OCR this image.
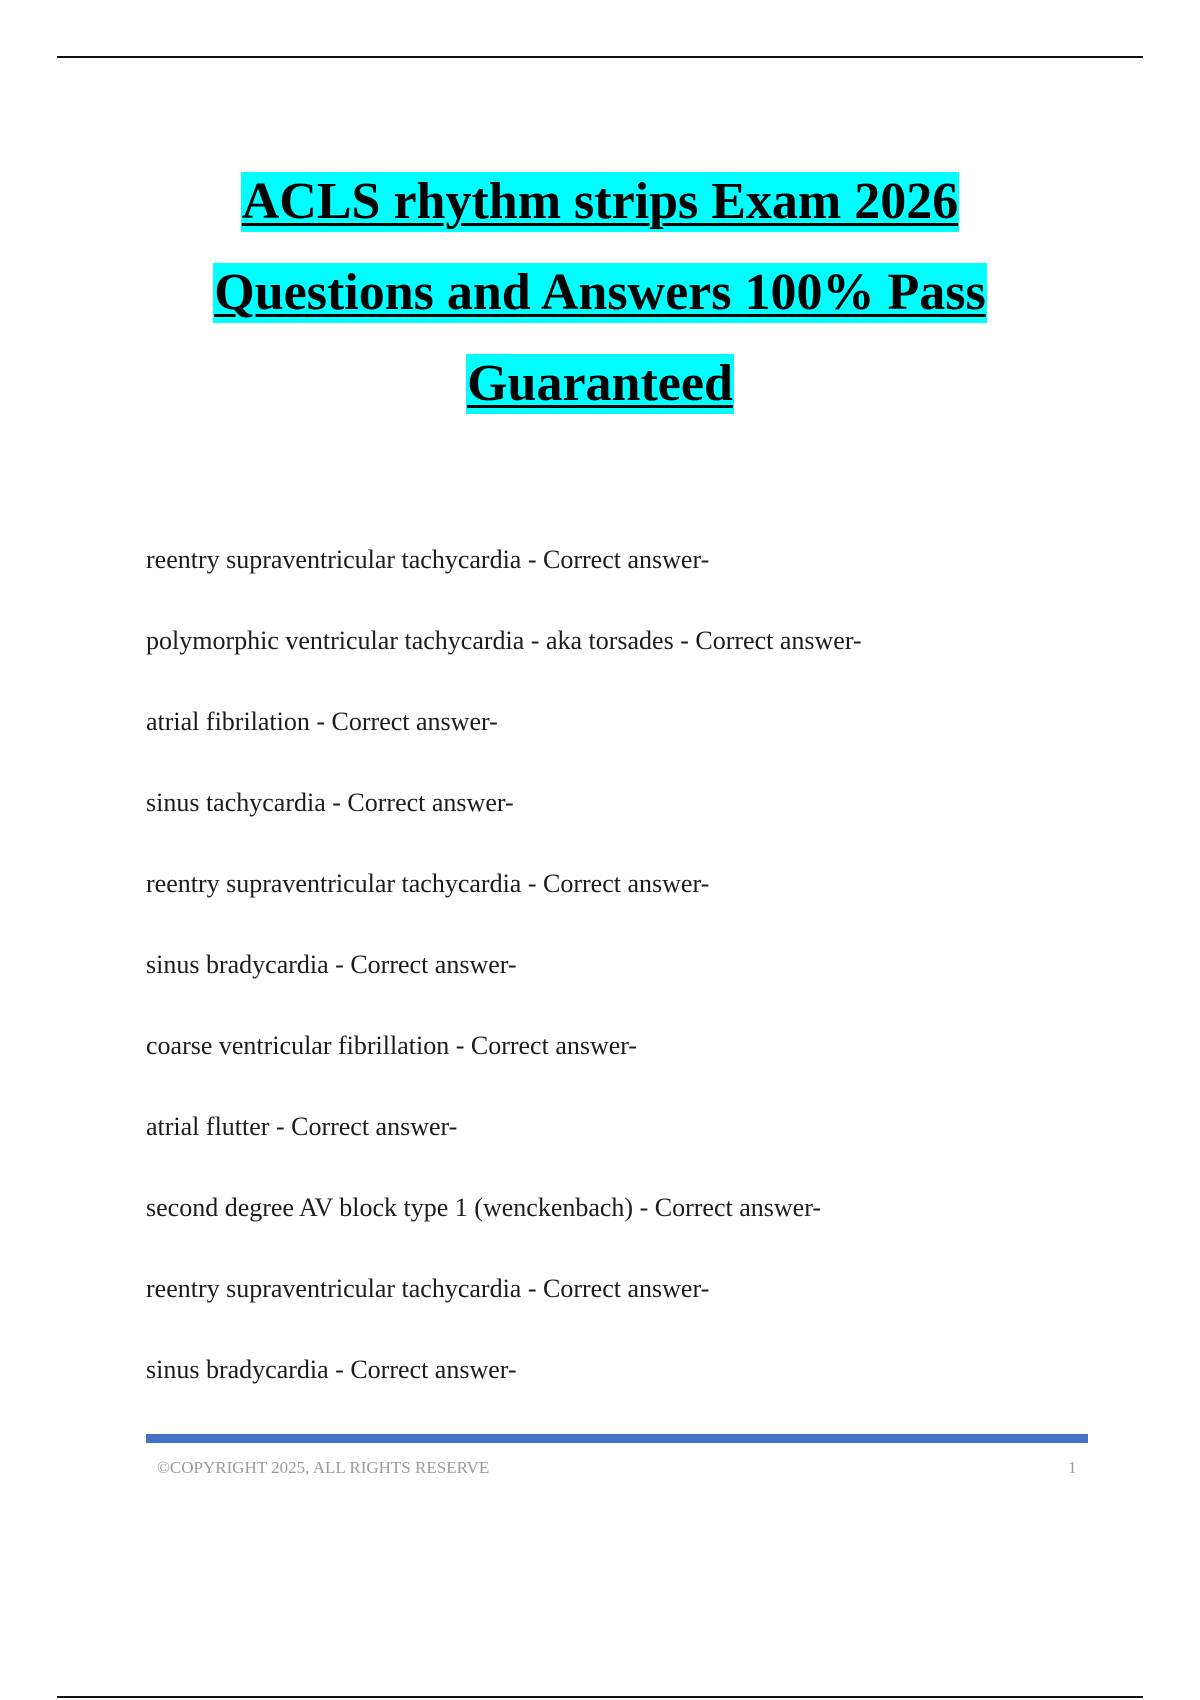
ACLS rhythm strips Exam 2026
Questions and Answers 100% Pass
Guaranteed
reentry supraventricular tachycardia - Correct answer-
polymorphic ventricular tachycardia - aka torsades - Correct answer-
atrial fibrilation - Correct answer-
sinus tachycardia - Correct answer-
reentry supraventricular tachycardia - Correct answer-
sinus bradycardia - Correct answer-
coarse ventricular fibrillation - Correct answer-
atrial flutter - Correct answer-
second degree AV block type 1 (wenckenbach) - Correct answer-
reentry supraventricular tachycardia - Correct answer-
sinus bradycardia - Correct answer-
©COPYRIGHT 2025, ALL RIGHTS RESERVE	1
